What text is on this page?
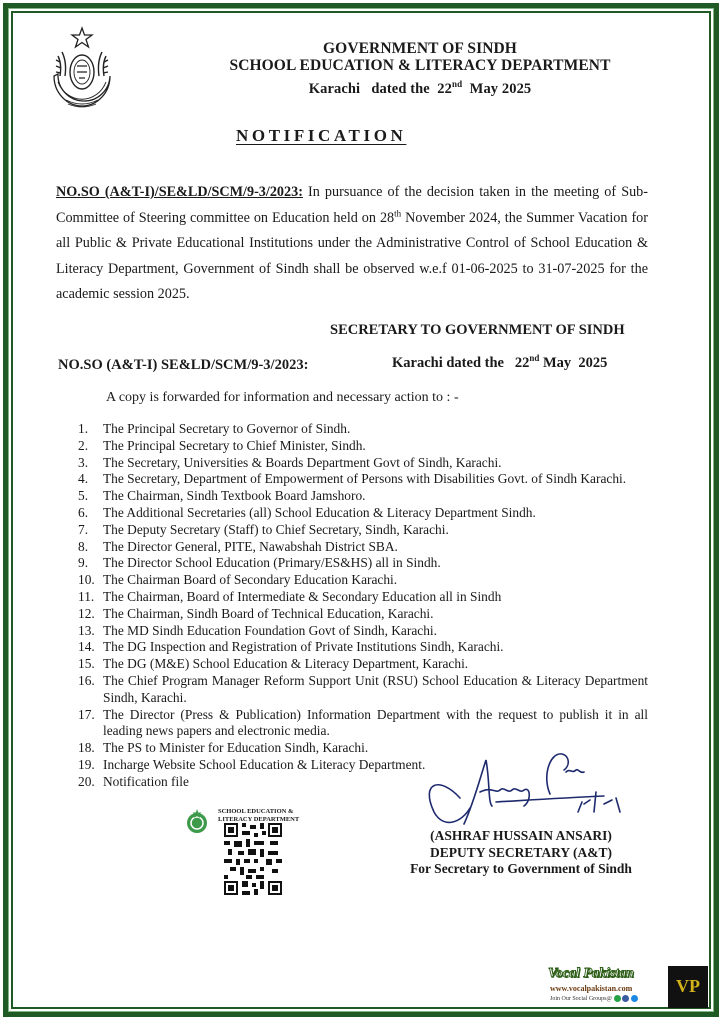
GOVERNMENT OF SINDH
SCHOOL EDUCATION & LITERACY DEPARTMENT
Karachi   dated the  22nd  May 2025
NOTIFICATION
NO.SO (A&T-I)/SE&LD/SCM/9-3/2023: In pursuance of the decision taken in the meeting of Sub-Committee of Steering committee on Education held on 28th November 2024, the Summer Vacation for all Public & Private Educational Institutions under the Administrative Control of School Education & Literacy Department, Government of Sindh shall be observed w.e.f 01-06-2025 to 31-07-2025 for the academic session 2025.
SECRETARY TO GOVERNMENT OF SINDH
NO.SO (A&T-I) SE&LD/SCM/9-3/2023:	Karachi dated the   22nd May  2025
A copy is forwarded for information and necessary action to : -
1.	The Principal Secretary to Governor of Sindh.
2.	The Principal Secretary to Chief Minister, Sindh.
3.	The Secretary, Universities & Boards Department Govt of Sindh, Karachi.
4.	The Secretary, Department of Empowerment of Persons with Disabilities Govt. of Sindh Karachi.
5.	The Chairman, Sindh Textbook Board Jamshoro.
6.	The Additional Secretaries (all) School Education & Literacy Department Sindh.
7.	The Deputy Secretary (Staff) to Chief Secretary, Sindh, Karachi.
8.	The Director General, PITE, Nawabshah District SBA.
9.	The Director School Education (Primary/ES&HS) all in Sindh.
10. The Chairman Board of Secondary Education Karachi.
11. The Chairman, Board of Intermediate & Secondary Education all in Sindh
12. The Chairman, Sindh Board of Technical Education, Karachi.
13. The MD Sindh Education Foundation Govt of Sindh, Karachi.
14. The DG Inspection and Registration of Private Institutions Sindh, Karachi.
15. The DG (M&E) School Education & Literacy Department, Karachi.
16. The Chief Program Manager Reform Support Unit (RSU) School Education & Literacy Department Sindh, Karachi.
17. The Director (Press & Publication) Information Department with the request to publish it in all leading news papers and electronic media.
18. The PS to Minister for Education Sindh, Karachi.
19. Incharge Website School Education & Literacy Department.
20. Notification file
SCHOOL EDUCATION &
LITERACY DEPARTMENT
(ASHRAF HUSSAIN ANSARI)
DEPUTY SECRETARY (A&T)
For Secretary to Government of Sindh
Vocal Pakistan
www.vocalpakistan.com
Join Our Social Groups@
VP
